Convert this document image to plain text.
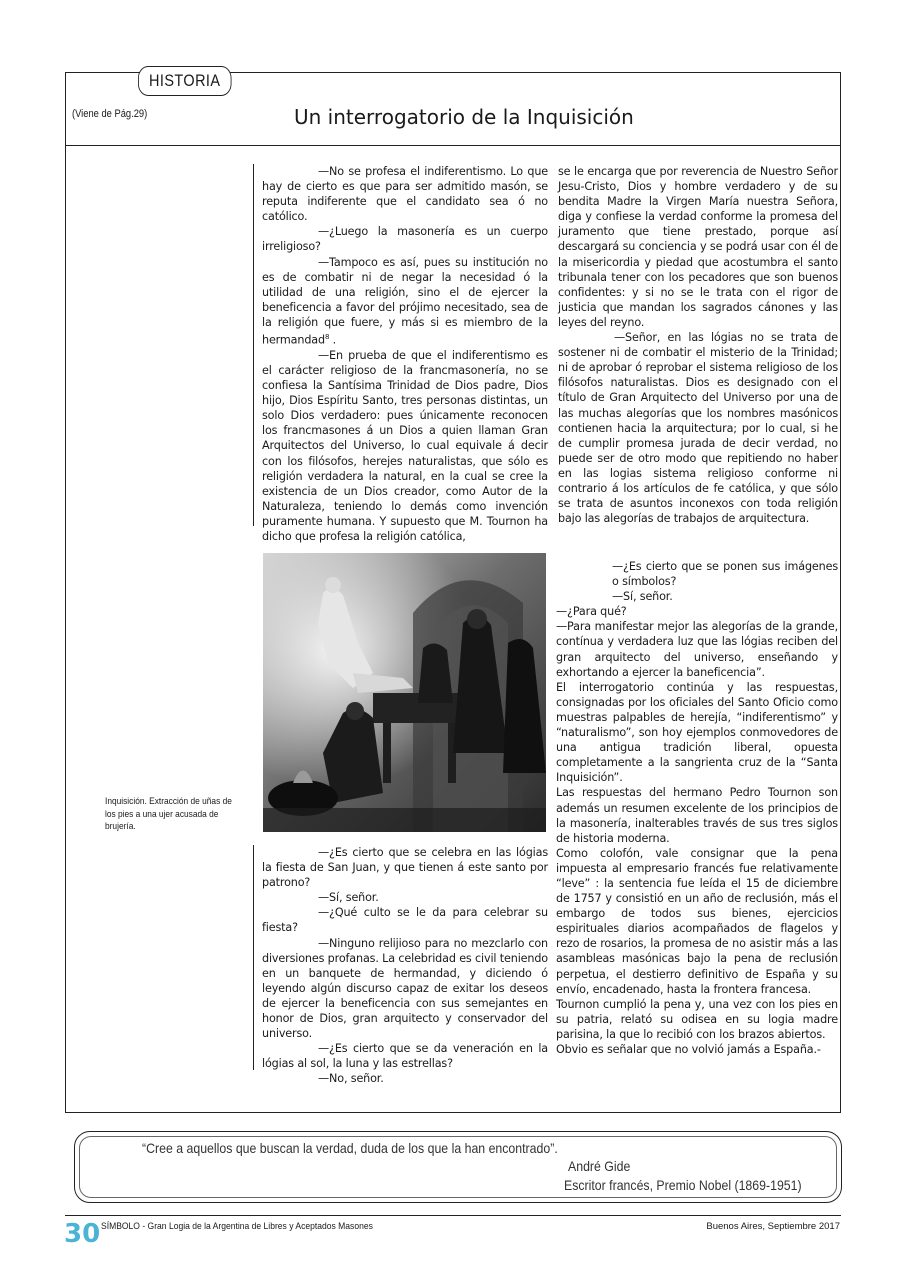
HISTORIA
(Viene de Pág.29)	Un interrogatorio de la Inquisición

—No se profesa el indiferentismo. Lo que hay de cierto es que para ser admitido masón, se reputa indiferente que el candidato sea ó no católico.

—¿Luego la masonería es un cuerpo irreligioso?

—Tampoco es así, pues su institución no es de combatir ni de negar la necesidad ó la utilidad de una religión, sino el de ejercer la beneficencia a favor del prójimo necesitado, sea de la religión que fuere, y más si es miembro de la hermandad$^8$ .

—En prueba de que el indiferentismo es el carácter religioso de la francmasonería, no se confiesa la Santísima Trinidad de Dios padre, Dios hijo, Dios Espíritu Santo, tres personas distintas, un solo Dios verdadero: pues únicamente reconocen los francmasones á un Dios a quien llaman Gran Arquitectos del Universo, lo cual equivale á decir con los filósofos, herejes naturalistas, que sólo es religión verdadera la natural, en la cual se cree la existencia de un Dios creador, como Autor de la Naturaleza, teniendo lo demás como invención puramente humana. Y supuesto que M. Tournon ha dicho que profesa la religión católica,

se le encarga que por reverencia de Nuestro Señor Jesu-Cristo, Dios y hombre verdadero y de su bendita Madre la Virgen María nuestra Señora, diga y confiese la verdad conforme la promesa del juramento que tiene prestado, porque así descargará su conciencia y se podrá usar con él de la misericordia y piedad que acostumbra el santo tribunala tener con los pecadores que son buenos confidentes: y si no se le trata con el rigor de justicia que mandan los sagrados cánones y las leyes del reyno.

—Señor, en las lógias no se trata de sostener ni de combatir el misterio de la Trinidad; ni de aprobar ó reprobar el sistema religioso de los filósofos naturalistas. Dios es designado con el título de Gran Arquitecto del Universo por una de las muchas alegorías que los nombres masónicos contienen hacia la arquitectura; por lo cual, si he de cumplir promesa jurada de decir verdad, no puede ser de otro modo que repitiendo no haber en las logias sistema religioso conforme ni contrario á los artículos de fe católica, y que sólo se trata de asuntos inconexos con toda religión bajo las alegorías de trabajos de arquitectura.

Inquisición. Extracción de uñas de los pies a una ujer acusada de brujería.

—¿Es cierto que se celebra en las lógias la fiesta de San Juan, y que tienen á este santo por patrono?

—Sí, señor.

—¿Qué culto se le da para celebrar su fiesta?

—Ninguno relijioso para no mezclarlo con diversiones profanas. La celebridad es civil teniendo en un banquete de hermandad, y diciendo ó leyendo algún discurso capaz de exitar los deseos de ejercer la beneficencia con sus semejantes en honor de Dios, gran arquitecto y conservador del universo.

—¿Es cierto que se da veneración en la lógias al sol, la luna y las estrellas?

—No, señor.

—¿Es cierto que se ponen sus imágenes o símbolos?

—Sí, señor.

—¿Para qué?

—Para manifestar mejor las alegorías de la grande, contínua y verdadera luz que las lógias reciben del gran arquitecto del universo, enseñando y exhortando a ejercer la baneficencia”.

El interrogatorio continúa y las respuestas, consignadas por los oficiales del Santo Oficio como muestras palpables de herejía, “indiferentismo” y “naturalismo”, son hoy ejemplos conmovedores de una antigua tradición liberal, opuesta completamente a la sangrienta cruz de la “Santa Inquisición”.

Las respuestas del hermano Pedro Tournon son además un resumen excelente de los principios de la masonería, inalterables través de sus tres siglos de historia moderna.

Como colofón, vale consignar que la pena impuesta al empresario francés fue relativamente “leve” : la sentencia fue leída el 15 de diciembre de 1757 y consistió en un año de reclusión, más el embargo de todos sus bienes, ejercicios espirituales diarios acompañados de flagelos y rezo de rosarios, la promesa de no asistir más a las asambleas masónicas bajo la pena de reclusión perpetua, el destierro definitivo de España y su envío, encadenado, hasta la frontera francesa.

Tournon cumplió la pena y, una vez con los pies en su patria, relató su odisea en su logia madre parisina, la que lo recibió con los brazos abiertos.

Obvio es señalar que no volvió jamás a España.-

“Cree a aquellos que buscan la verdad, duda de los que la han encontrado”.
André Gide
Escritor francés, Premio Nobel (1869-1951)
30 SÍMBOLO - Gran Logia de la Argentina de Libres y Aceptados Masones	Buenos Aires, Septiembre 2017
